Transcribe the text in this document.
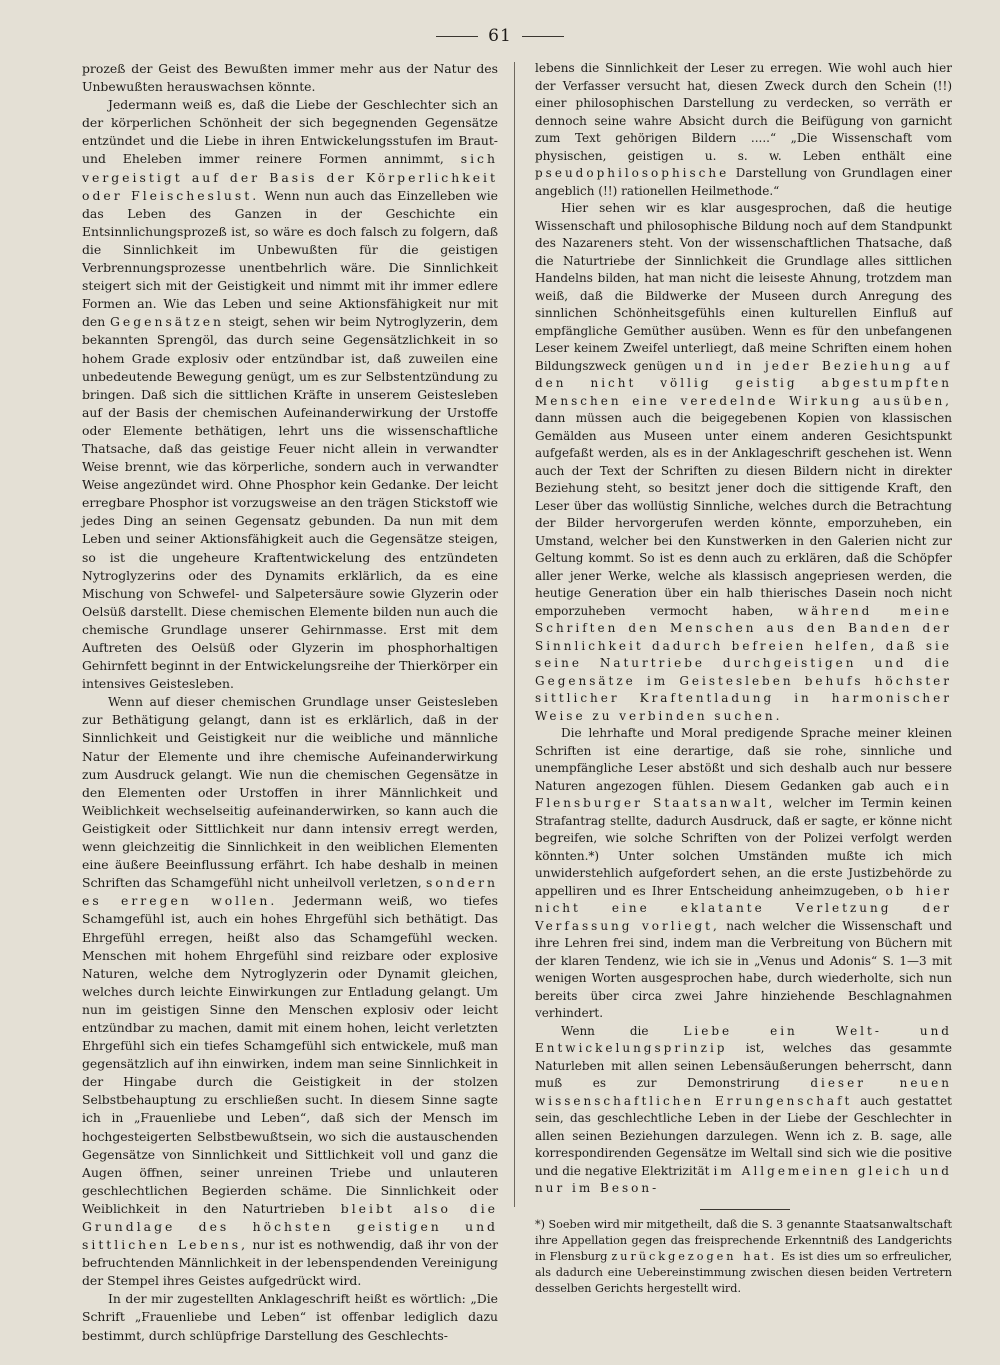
61

prozeß der Geist des Bewußten immer mehr aus der Natur des Unbewußten herauswachsen könnte.

Jedermann weiß es, daß die Liebe der Geschlechter sich an der körperlichen Schönheit der sich begegnenden Gegensätze entzündet und die Liebe in ihren Entwickelungsstufen im Braut- und Eheleben immer reinere Formen annimmt, sich vergeistigt auf der Basis der Körperlichkeit oder Fleischeslust. Wenn nun auch das Einzelleben wie das Leben des Ganzen in der Geschichte ein Entsinnlichungsprozeß ist, so wäre es doch falsch zu folgern, daß die Sinnlichkeit im Unbewußten für die geistigen Verbrennungsprozesse unentbehrlich wäre. Die Sinnlichkeit steigert sich mit der Geistigkeit und nimmt mit ihr immer edlere Formen an. Wie das Leben und seine Aktionsfähigkeit nur mit den Gegensätzen steigt, sehen wir beim Nytroglyzerin, dem bekannten Sprengöl, das durch seine Gegensätzlichkeit in so hohem Grade explosiv oder entzündbar ist, daß zuweilen eine unbedeutende Bewegung genügt, um es zur Selbstentzündung zu bringen. Daß sich die sittlichen Kräfte in unserem Geistesleben auf der Basis der chemischen Aufeinanderwirkung der Urstoffe oder Elemente bethätigen, lehrt uns die wissenschaftliche Thatsache, daß das geistige Feuer nicht allein in verwandter Weise brennt, wie das körperliche, sondern auch in verwandter Weise angezündet wird. Ohne Phosphor kein Gedanke. Der leicht erregbare Phosphor ist vorzugsweise an den trägen Stickstoff wie jedes Ding an seinen Gegensatz gebunden. Da nun mit dem Leben und seiner Aktionsfähigkeit auch die Gegensätze steigen, so ist die ungeheure Kraftentwickelung des entzündeten Nytroglyzerins oder des Dynamits erklärlich, da es eine Mischung von Schwefel- und Salpetersäure sowie Glyzerin oder Oelsüß darstellt. Diese chemischen Elemente bilden nun auch die chemische Grundlage unserer Gehirnmasse. Erst mit dem Auftreten des Oelsüß oder Glyzerin im phosphorhaltigen Gehirnfett beginnt in der Entwickelungsreihe der Thierkörper ein intensives Geistesleben.

Wenn auf dieser chemischen Grundlage unser Geistesleben zur Bethätigung gelangt, dann ist es erklärlich, daß in der Sinnlichkeit und Geistigkeit nur die weibliche und männliche Natur der Elemente und ihre chemische Aufeinanderwirkung zum Ausdruck gelangt. Wie nun die chemischen Gegensätze in den Elementen oder Urstoffen in ihrer Männlichkeit und Weiblichkeit wechselseitig aufeinanderwirken, so kann auch die Geistigkeit oder Sittlichkeit nur dann intensiv erregt werden, wenn gleichzeitig die Sinnlichkeit in den weiblichen Elementen eine äußere Beeinflussung erfährt. Ich habe deshalb in meinen Schriften das Schamgefühl nicht unheilvoll verletzen, sondern es erregen wollen. Jedermann weiß, wo tiefes Schamgefühl ist, auch ein hohes Ehrgefühl sich bethätigt. Das Ehrgefühl erregen, heißt also das Schamgefühl wecken. Menschen mit hohem Ehrgefühl sind reizbare oder explosive Naturen, welche dem Nytroglyzerin oder Dynamit gleichen, welches durch leichte Einwirkungen zur Entladung gelangt. Um nun im geistigen Sinne den Menschen explosiv oder leicht entzündbar zu machen, damit mit einem hohen, leicht verletzten Ehrgefühl sich ein tiefes Schamgefühl sich entwickele, muß man gegensätzlich auf ihn einwirken, indem man seine Sinnlichkeit in der Hingabe durch die Geistigkeit in der stolzen Selbstbehauptung zu erschließen sucht. In diesem Sinne sagte ich in „Frauenliebe und Leben“, daß sich der Mensch im hochgesteigerten Selbstbewußtsein, wo sich die austauschenden Gegensätze von Sinnlichkeit und Sittlichkeit voll und ganz die Augen öffnen, seiner unreinen Triebe und unlauteren geschlechtlichen Begierden schäme. Die Sinnlichkeit oder Weiblichkeit in den Naturtrieben bleibt also die Grundlage des höchsten geistigen und sittlichen Lebens, nur ist es nothwendig, daß ihr von der befruchtenden Männlichkeit in der lebenspendenden Vereinigung der Stempel ihres Geistes aufgedrückt wird.

In der mir zugestellten Anklageschrift heißt es wörtlich: „Die Schrift „Frauenliebe und Leben“ ist offenbar lediglich dazu bestimmt, durch schlüpfrige Darstellung des Geschlechts-

lebens die Sinnlichkeit der Leser zu erregen. Wie wohl auch hier der Verfasser versucht hat, diesen Zweck durch den Schein (!!) einer philosophischen Darstellung zu verdecken, so verräth er dennoch seine wahre Absicht durch die Beifügung von garnicht zum Text gehörigen Bildern .....“ „Die Wissenschaft vom physischen, geistigen u. s. w. Leben enthält eine pseudophilosophische Darstellung von Grundlagen einer angeblich (!!) rationellen Heilmethode.“

Hier sehen wir es klar ausgesprochen, daß die heutige Wissenschaft und philosophische Bildung noch auf dem Standpunkt des Nazareners steht. Von der wissenschaftlichen Thatsache, daß die Naturtriebe der Sinnlichkeit die Grundlage alles sittlichen Handelns bilden, hat man nicht die leiseste Ahnung, trotzdem man weiß, daß die Bildwerke der Museen durch Anregung des sinnlichen Schönheitsgefühls einen kulturellen Einfluß auf empfängliche Gemüther ausüben. Wenn es für den unbefangenen Leser keinem Zweifel unterliegt, daß meine Schriften einem hohen Bildungszweck genügen und in jeder Beziehung auf den nicht völlig geistig abgestumpften Menschen eine veredelnde Wirkung ausüben, dann müssen auch die beigegebenen Kopien von klassischen Gemälden aus Museen unter einem anderen Gesichtspunkt aufgefaßt werden, als es in der Anklageschrift geschehen ist. Wenn auch der Text der Schriften zu diesen Bildern nicht in direkter Beziehung steht, so besitzt jener doch die sittigende Kraft, den Leser über das wollüstig Sinnliche, welches durch die Betrachtung der Bilder hervorgerufen werden könnte, emporzuheben, ein Umstand, welcher bei den Kunstwerken in den Galerien nicht zur Geltung kommt. So ist es denn auch zu erklären, daß die Schöpfer aller jener Werke, welche als klassisch angepriesen werden, die heutige Generation über ein halb thierisches Dasein noch nicht emporzuheben vermocht haben, während meine Schriften den Menschen aus den Banden der Sinnlichkeit dadurch befreien helfen, daß sie seine Naturtriebe durchgeistigen und die Gegensätze im Geistesleben behufs höchster sittlicher Kraftentladung in harmonischer Weise zu verbinden suchen.

Die lehrhafte und Moral predigende Sprache meiner kleinen Schriften ist eine derartige, daß sie rohe, sinnliche und unempfängliche Leser abstößt und sich deshalb auch nur bessere Naturen angezogen fühlen. Diesem Gedanken gab auch ein Flensburger Staatsanwalt, welcher im Termin keinen Strafantrag stellte, dadurch Ausdruck, daß er sagte, er könne nicht begreifen, wie solche Schriften von der Polizei verfolgt werden könnten.*) Unter solchen Umständen mußte ich mich unwiderstehlich aufgefordert sehen, an die erste Justizbehörde zu appelliren und es Ihrer Entscheidung anheimzugeben, ob hier nicht eine eklatante Verletzung der Verfassung vorliegt, nach welcher die Wissenschaft und ihre Lehren frei sind, indem man die Verbreitung von Büchern mit der klaren Tendenz, wie ich sie in „Venus und Adonis“ S. 1—3 mit wenigen Worten ausgesprochen habe, durch wiederholte, sich nun bereits über circa zwei Jahre hinziehende Beschlagnahmen verhindert.

Wenn die	Liebe ein Welt- und Entwickelungsprinzip ist, welches das gesammte Naturleben mit allen seinen Lebensäußerungen beherrscht, dann muß es zur Demonstrirung	dieser neuen wissenschaftlichen Errungenschaft auch gestattet sein, das geschlechtliche Leben in der Liebe der Geschlechter in allen seinen Beziehungen darzulegen. Wenn ich z. B. sage, alle korrespondirenden Gegensätze im Weltall sind sich wie die positive und die negative Elektrizität im Allgemeinen gleich und nur im Beson-

*) Soeben wird mir mitgetheilt, daß die S. 3 genannte Staatsanwaltschaft ihre Appellation gegen das freisprechende Erkenntniß des Landgerichts in Flensburg zurückgezogen hat. Es ist dies um so erfreulicher, als dadurch eine Uebereinstimmung zwischen diesen beiden Vertretern desselben Gerichts hergestellt wird.
